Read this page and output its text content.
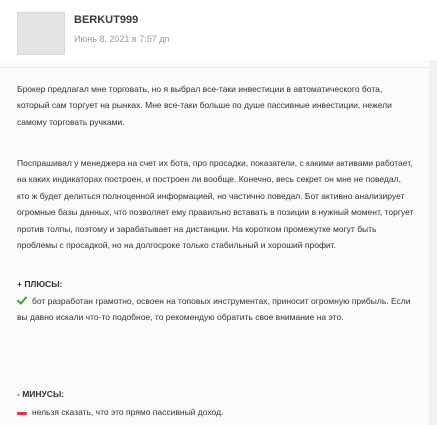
BERKUT999
Июнь 8, 2021 в 7:57 дп
Брокер предлагал мне торговать, но я выбрал все-таки инвестиции в автоматического бота, который сам торгует на рынках. Мне все-таки больше по душе пассивные инвестиции, нежели самому торговать ручками.
Поспрашивал у менеджера на счет их бота, про просадки, показатели, с какими активами работает, на каких индикаторах построен, и построен ли вообще. Конечно, весь секрет он мне не поведал, кто ж будет делиться полноценной информацией, но частично поведал. Бот активно анализирует огромные базы данных, что позволяет ему правильно вставать в позиции в нужный момент, торгует против толпы, поэтому и зарабатывает на дистанции. На коротком промежутке могут быть проблемы с просадкой, но на долгосроке только стабильный и хороший профит.
+ ПЛЮСЫ:
бот разработан грамотно, освоен на топовых инструментах, приносит огромную прибыль. Если вы давно искали что-то подобное, то рекомендую обратить свое внимание на это.
- МИНУСЫ:
нельзя сказать, что это прямо пассивный доход.
